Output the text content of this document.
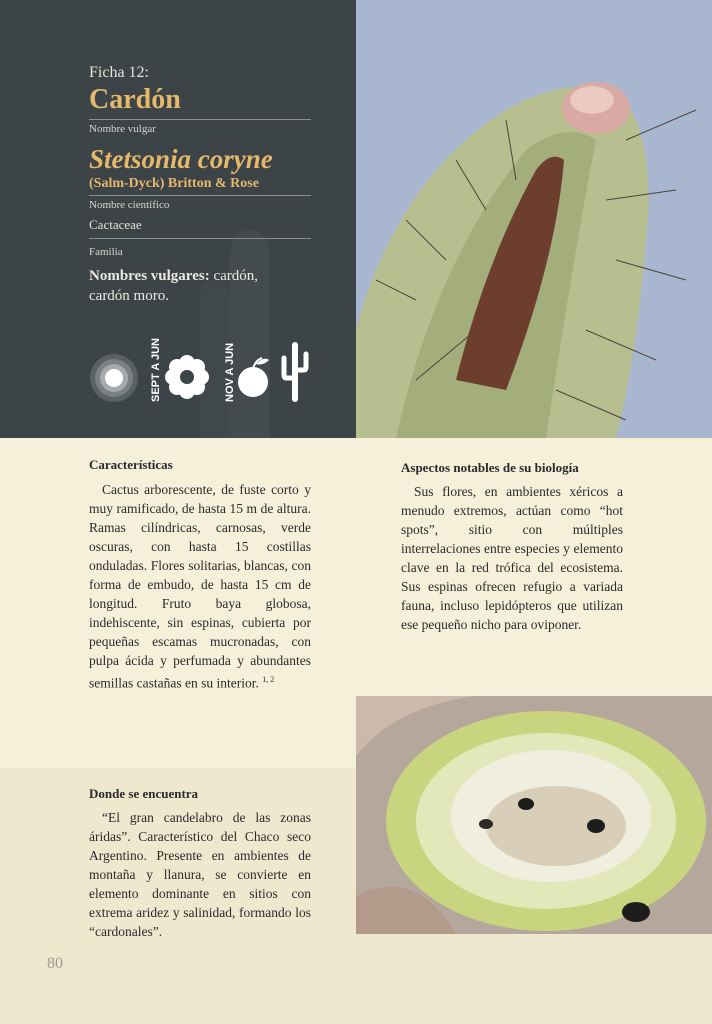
Ficha 12:
Cardón
Nombre vulgar
Stetsonia coryne
(Salm-Dyck) Britton & Rose
Nombre científico
Cactaceae
Familia
Nombres vulgares: cardón, cardón moro.
SEPT A JUN	NOV A JUN
Características

Cactus arborescente, de fuste corto y muy ramificado, de hasta 15 m de altura. Ramas cilíndricas, carnosas, verde oscuras, con hasta 15 costillas onduladas. Flores solitarias, blancas, con forma de embudo, de hasta 15 cm de longitud. Fruto baya globosa, indehiscente, sin espinas, cubierta por pequeñas escamas mucronadas, con pulpa ácida y perfumada y abundantes semillas castañas en su interior. $^{1, 2}$

Aspectos notables de su biología

Sus flores, en ambientes xéricos a menudo extremos, actúan como “hot spots”, sitio con múltiples interrelaciones entre especies y elemento clave en la red trófica del ecosistema. Sus espinas ofrecen refugio a variada fauna, incluso lepidópteros que utilizan ese pequeño nicho para oviponer.

Donde se encuentra

“El gran candelabro de las zonas áridas”. Característico del Chaco seco Argentino. Presente en ambientes de montaña y llanura, se convierte en elemento dominante en sitios con extrema aridez y salinidad, formando los “cardonales”.

80
